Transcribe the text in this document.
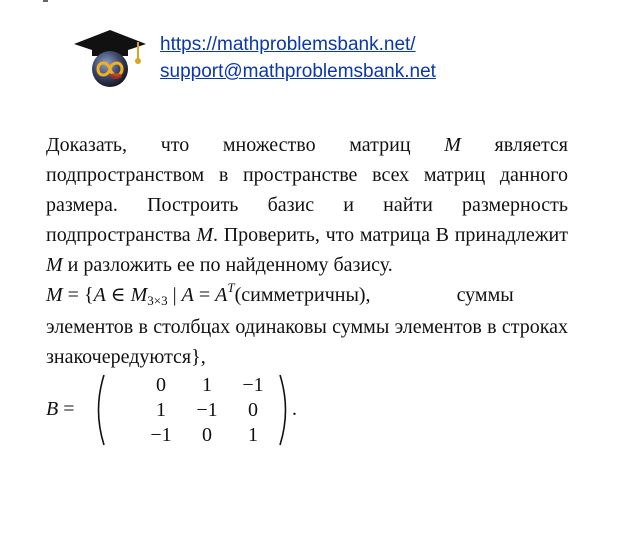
https://mathproblemsbank.net/
support@mathproblemsbank.net

Доказать, что множество матриц M является подпространством в пространстве всех матриц данного размера. Построить базис и найти размерность подпространства M. Проверить, что матрица В принадлежит M и разложить ее по найденному базису.

M = {A ∈ $M_{3\times 3}$ | $A = A^T(симметричны)$,	суммы

элементов в столбцах одинаковы суммы элементов в строках знакочередуются},

B =
0	1	−1
1	−1	0
−1	0	1
.
